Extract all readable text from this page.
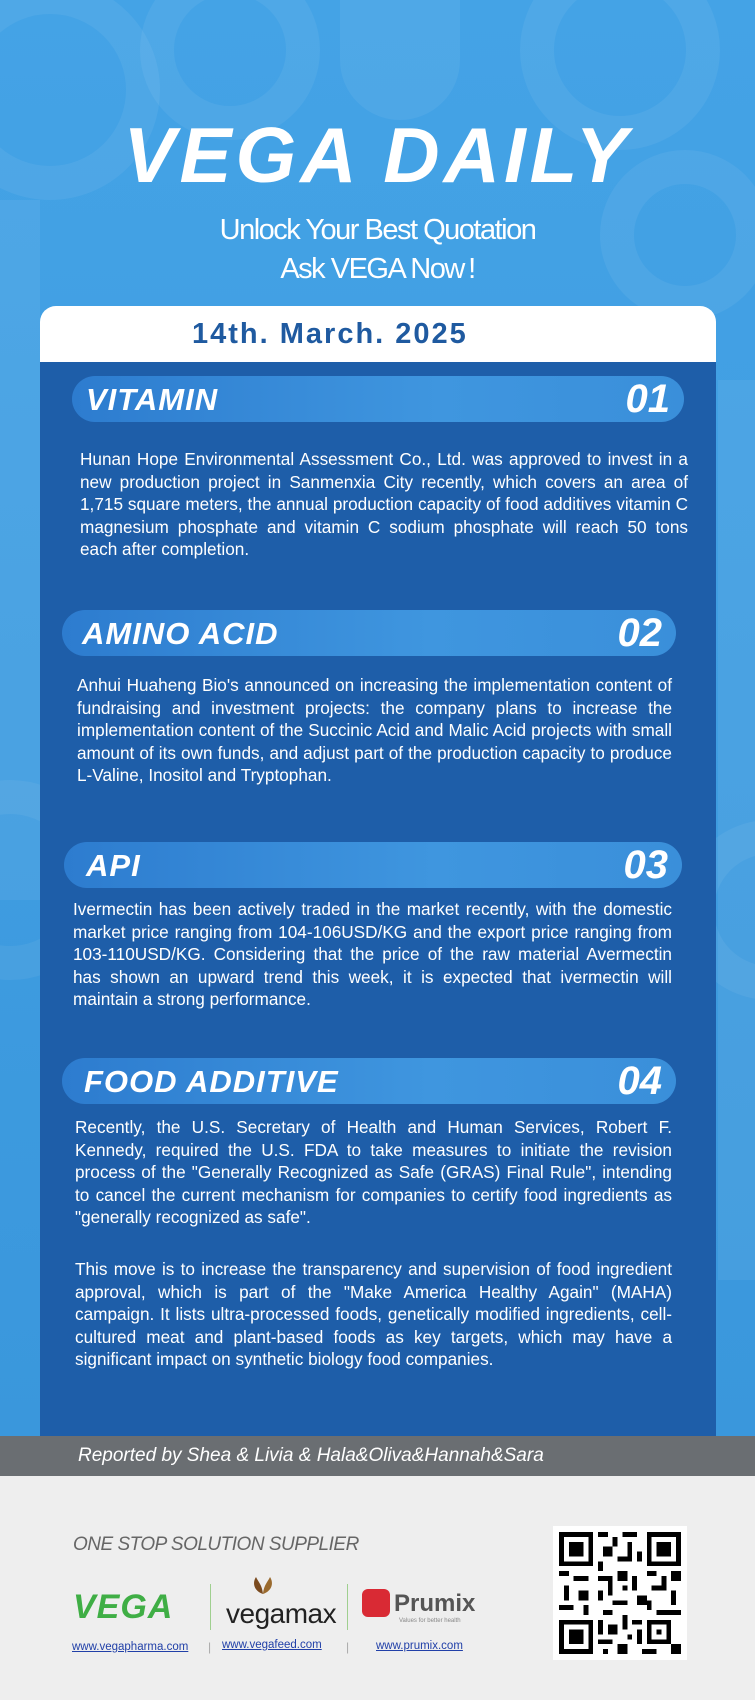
VEGA DAILY
Unlock Your Best Quotation
Ask VEGA Now !
14th. March. 2025
VITAMIN	01
Hunan Hope Environmental Assessment Co., Ltd. was approved to invest in a new production project in Sanmenxia City recently, which covers an area of 1,715 square meters, the annual production capacity of food additives vitamin C magnesium phosphate and vitamin C sodium phosphate will reach 50 tons each after completion.
AMINO ACID	02
Anhui Huaheng Bio's announced on increasing the implementation content of fundraising and investment projects: the company plans to increase the implementation content of the Succinic Acid and Malic Acid projects with small amount of its own funds, and adjust part of the production capacity to produce L-Valine, Inositol and Tryptophan.
API	03
Ivermectin has been actively traded in the market recently, with the domestic market price ranging from 104-106USD/KG and the export price ranging from 103-110USD/KG. Considering that the price of the raw material Avermectin has shown an upward trend this week, it is expected that ivermectin will maintain a strong performance.
FOOD ADDITIVE	04
Recently, the U.S. Secretary of Health and Human Services, Robert F. Kennedy, required the U.S. FDA to take measures to initiate the revision process of the "Generally Recognized as Safe (GRAS) Final Rule", intending to cancel the current mechanism for companies to certify food ingredients as "generally recognized as safe".
This move is to increase the transparency and supervision of food ingredient approval, which is part of the "Make America Healthy Again" (MAHA) campaign. It lists ultra-processed foods, genetically modified ingredients, cell-cultured meat and plant-based foods as key targets, which may have a significant impact on synthetic biology food companies.
Reported by Shea & Livia & Hala&Oliva&Hannah&Sara
ONE STOP SOLUTION SUPPLIER
VEGA vegamax	Prumix
Values for better health
www.vegapharma.com | www.vegafeed.com | www.prumix.com
